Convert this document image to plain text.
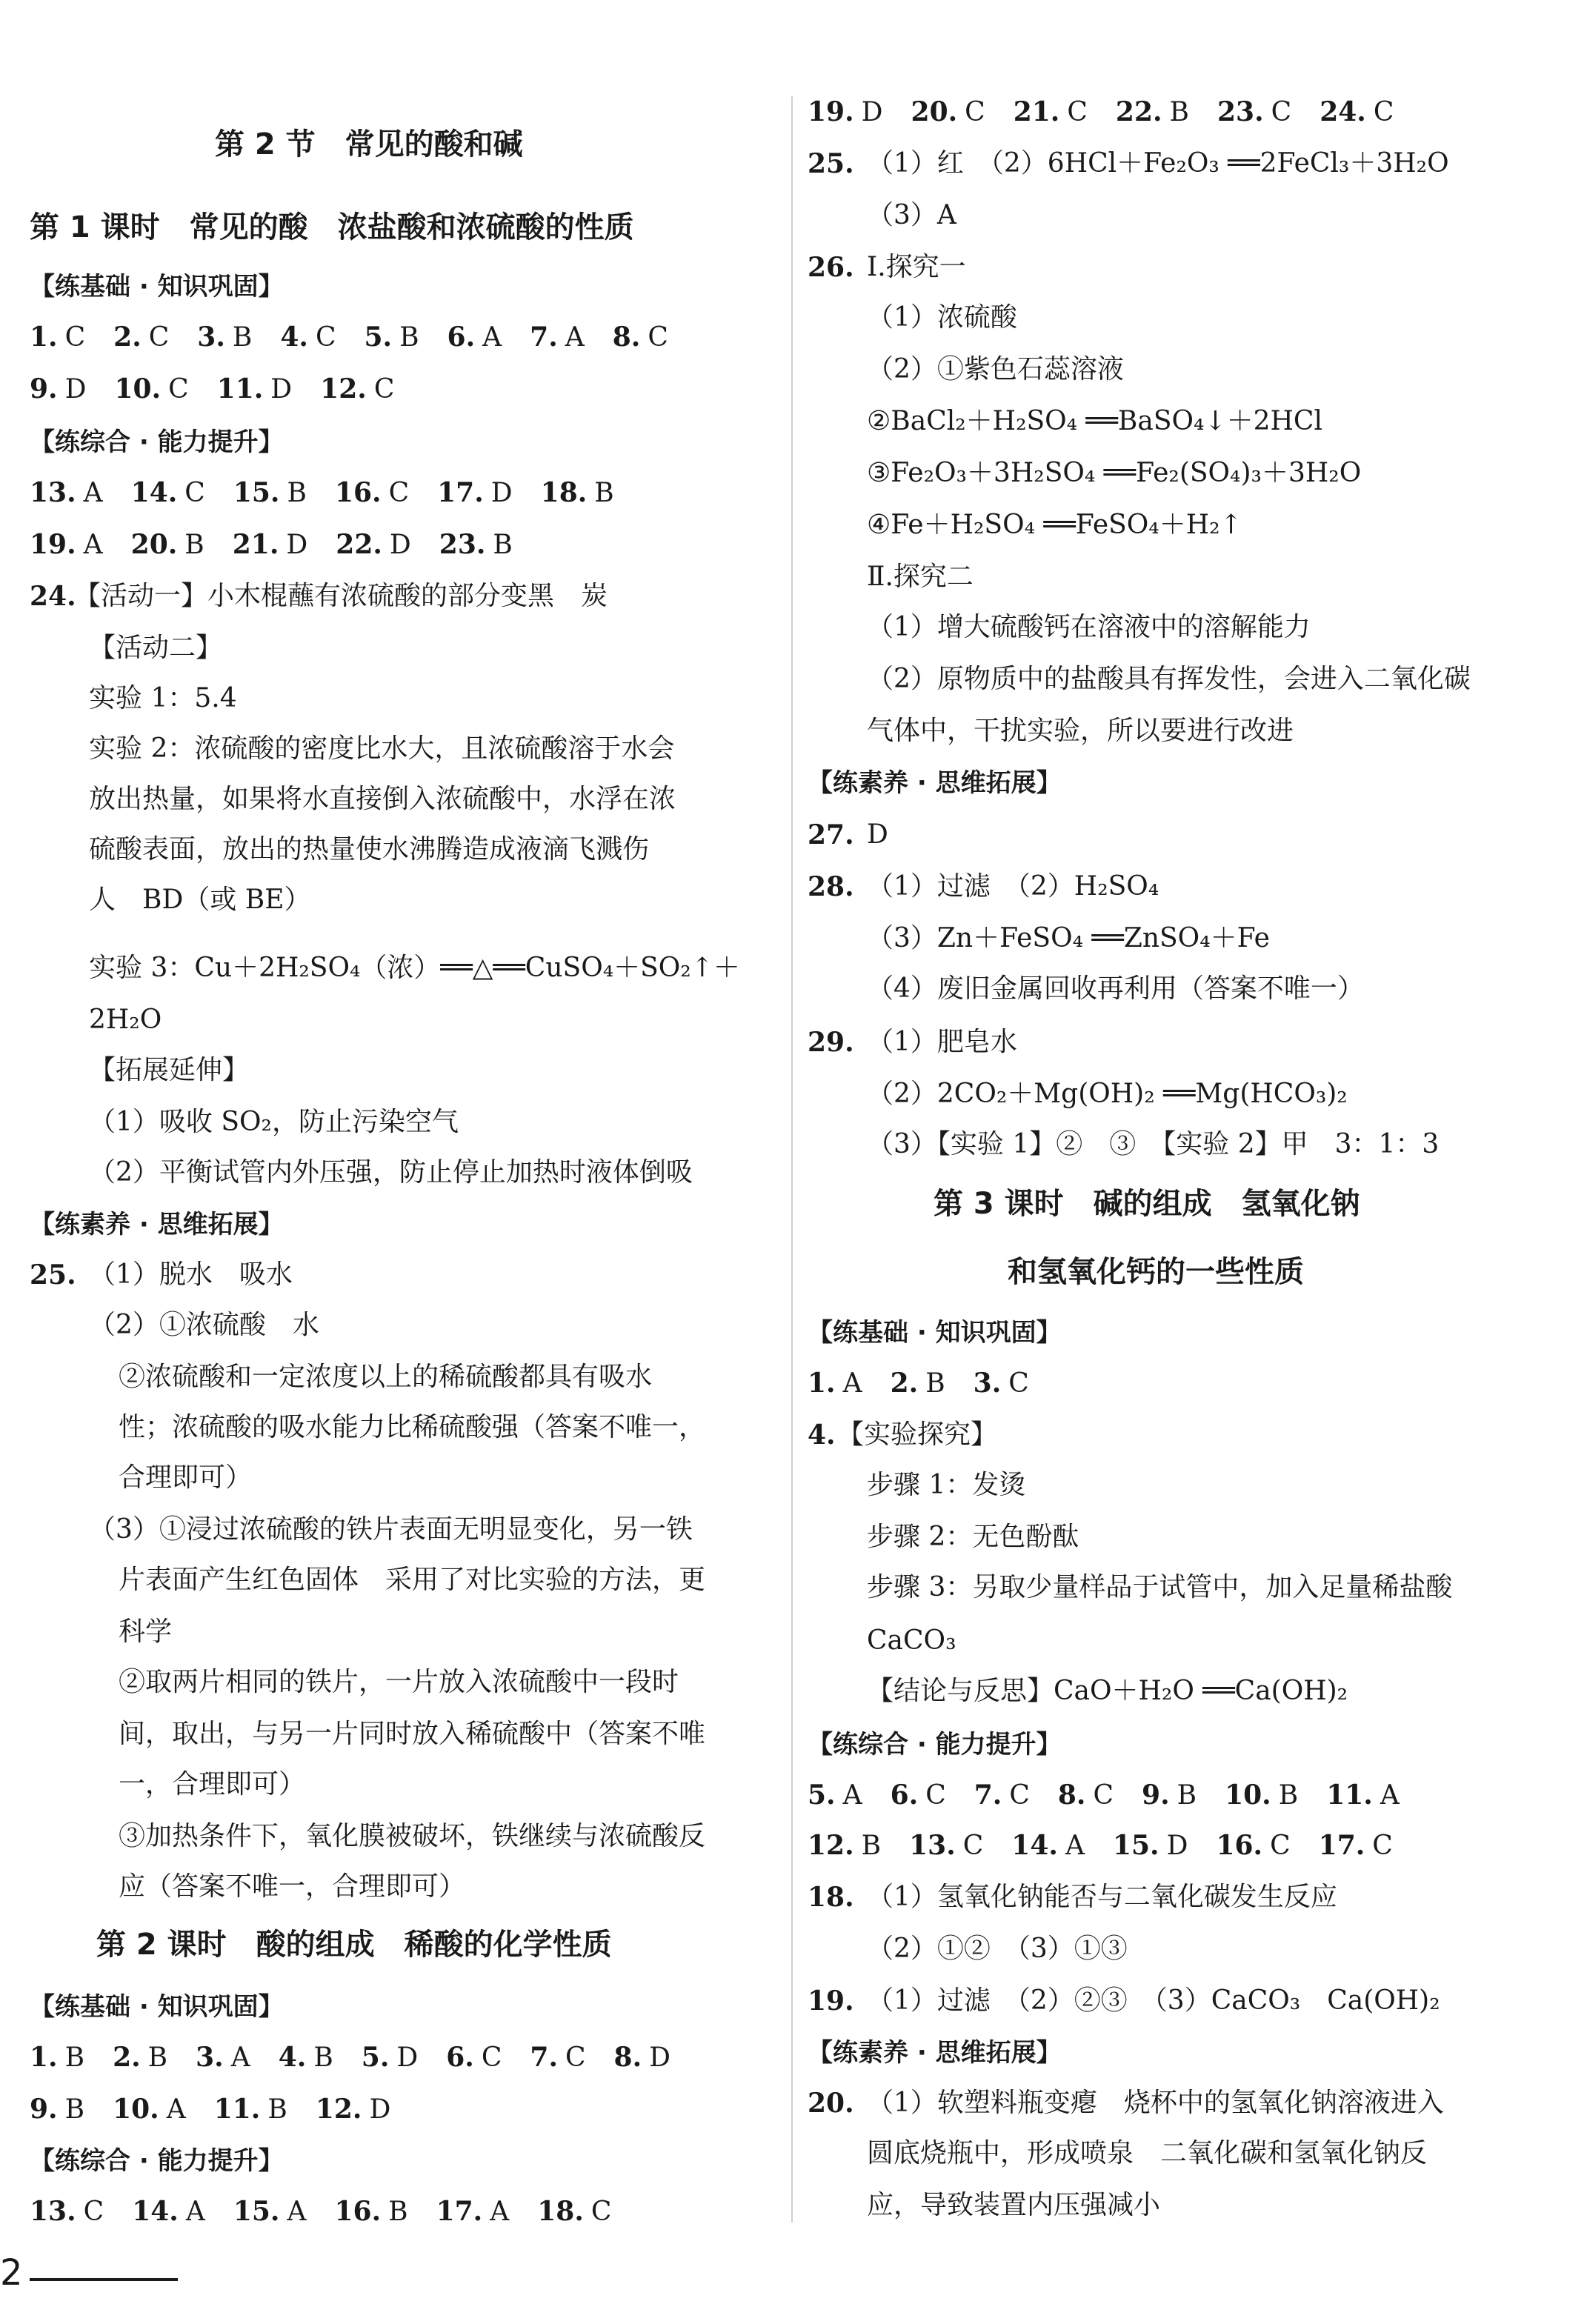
第 2 节　常见的酸和碱
第 1 课时　常见的酸　浓盐酸和浓硫酸的性质
【练基础 · 知识巩固】
1. C 2. C 3. B 4. C 5. B 6. A 7. A 8. C
9. D 10. C 11. D 12. C
【练综合 · 能力提升】
13. A 14. C 15. B 16. C 17. D 18. B
19. A 20. B 21. D 22. D 23. B
24.
【活动一】小木棍蘸有浓硫酸的部分变黑　炭
【活动二】
实验 1：5.4
实验 2：浓硫酸的密度比水大，且浓硫酸溶于水会
放出热量，如果将水直接倒入浓硫酸中，水浮在浓
硫酸表面，放出的热量使水沸腾造成液滴飞溅伤
人　BD（或 BE）
实验 3：Cu＋2H₂SO₄（浓）══△══CuSO₄＋SO₂↑＋
2H₂O
【拓展延伸】
（1）吸收 SO₂，防止污染空气
（2）平衡试管内外压强，防止停止加热时液体倒吸
【练素养 · 思维拓展】
25. （1）脱水　吸水
（2）①浓硫酸　水
②浓硫酸和一定浓度以上的稀硫酸都具有吸水
性；浓硫酸的吸水能力比稀硫酸强（答案不唯一，
合理即可）
（3）①浸过浓硫酸的铁片表面无明显变化，另一铁
片表面产生红色固体　采用了对比实验的方法，更
科学
②取两片相同的铁片，一片放入浓硫酸中一段时
间，取出，与另一片同时放入稀硫酸中（答案不唯
一，合理即可）
③加热条件下，氧化膜被破坏，铁继续与浓硫酸反
应（答案不唯一，合理即可）
第 2 课时　酸的组成　稀酸的化学性质
【练基础 · 知识巩固】
1. B 2. B 3. A 4. B 5. D 6. C 7. C 8. D
9. B 10. A 11. B 12. D
【练综合 · 能力提升】
13. C 14. A 15. A 16. B 17. A 18. C
19. D 20. C 21. C 22. B 23. C 24. C
25. （1）红　（2）6HCl＋Fe₂O₃ ══2FeCl₃＋3H₂O
（3）A
26. Ⅰ.探究一
（1）浓硫酸
（2）①紫色石蕊溶液
②BaCl₂＋H₂SO₄ ══BaSO₄↓＋2HCl
③Fe₂O₃＋3H₂SO₄ ══Fe₂(SO₄)₃＋3H₂O
④Fe＋H₂SO₄ ══FeSO₄＋H₂↑
Ⅱ.探究二
（1）增大硫酸钙在溶液中的溶解能力
（2）原物质中的盐酸具有挥发性，会进入二氧化碳
气体中，干扰实验，所以要进行改进
【练素养 · 思维拓展】
27. D
28. （1）过滤　（2）H₂SO₄
（3）Zn＋FeSO₄ ══ZnSO₄＋Fe
（4）废旧金属回收再利用（答案不唯一）
29. （1）肥皂水
（2）2CO₂＋Mg(OH)₂ ══Mg(HCO₃)₂
（3）【实验 1】②　③　【实验 2】甲　3：1：3
第 3 课时　碱的组成　氢氧化钠
和氢氧化钙的一些性质
【练基础 · 知识巩固】
1. A 2. B 3. C
4. 【实验探究】
步骤 1：发烫
步骤 2：无色酚酞
步骤 3：另取少量样品于试管中，加入足量稀盐酸
CaCO₃
【结论与反思】CaO＋H₂O ══Ca(OH)₂
【练综合 · 能力提升】
5. A 6. C 7. C 8. C 9. B 10. B 11. A
12. B 13. C 14. A 15. D 16. C 17. C
18. （1）氢氧化钠能否与二氧化碳发生反应
（2）①②　（3）①③
19. （1）过滤　（2）②③　（3）CaCO₃　Ca(OH)₂
【练素养 · 思维拓展】
20. （1）软塑料瓶变瘪　烧杯中的氢氧化钠溶液进入
圆底烧瓶中，形成喷泉　二氧化碳和氢氧化钠反
应，导致装置内压强减小
2
